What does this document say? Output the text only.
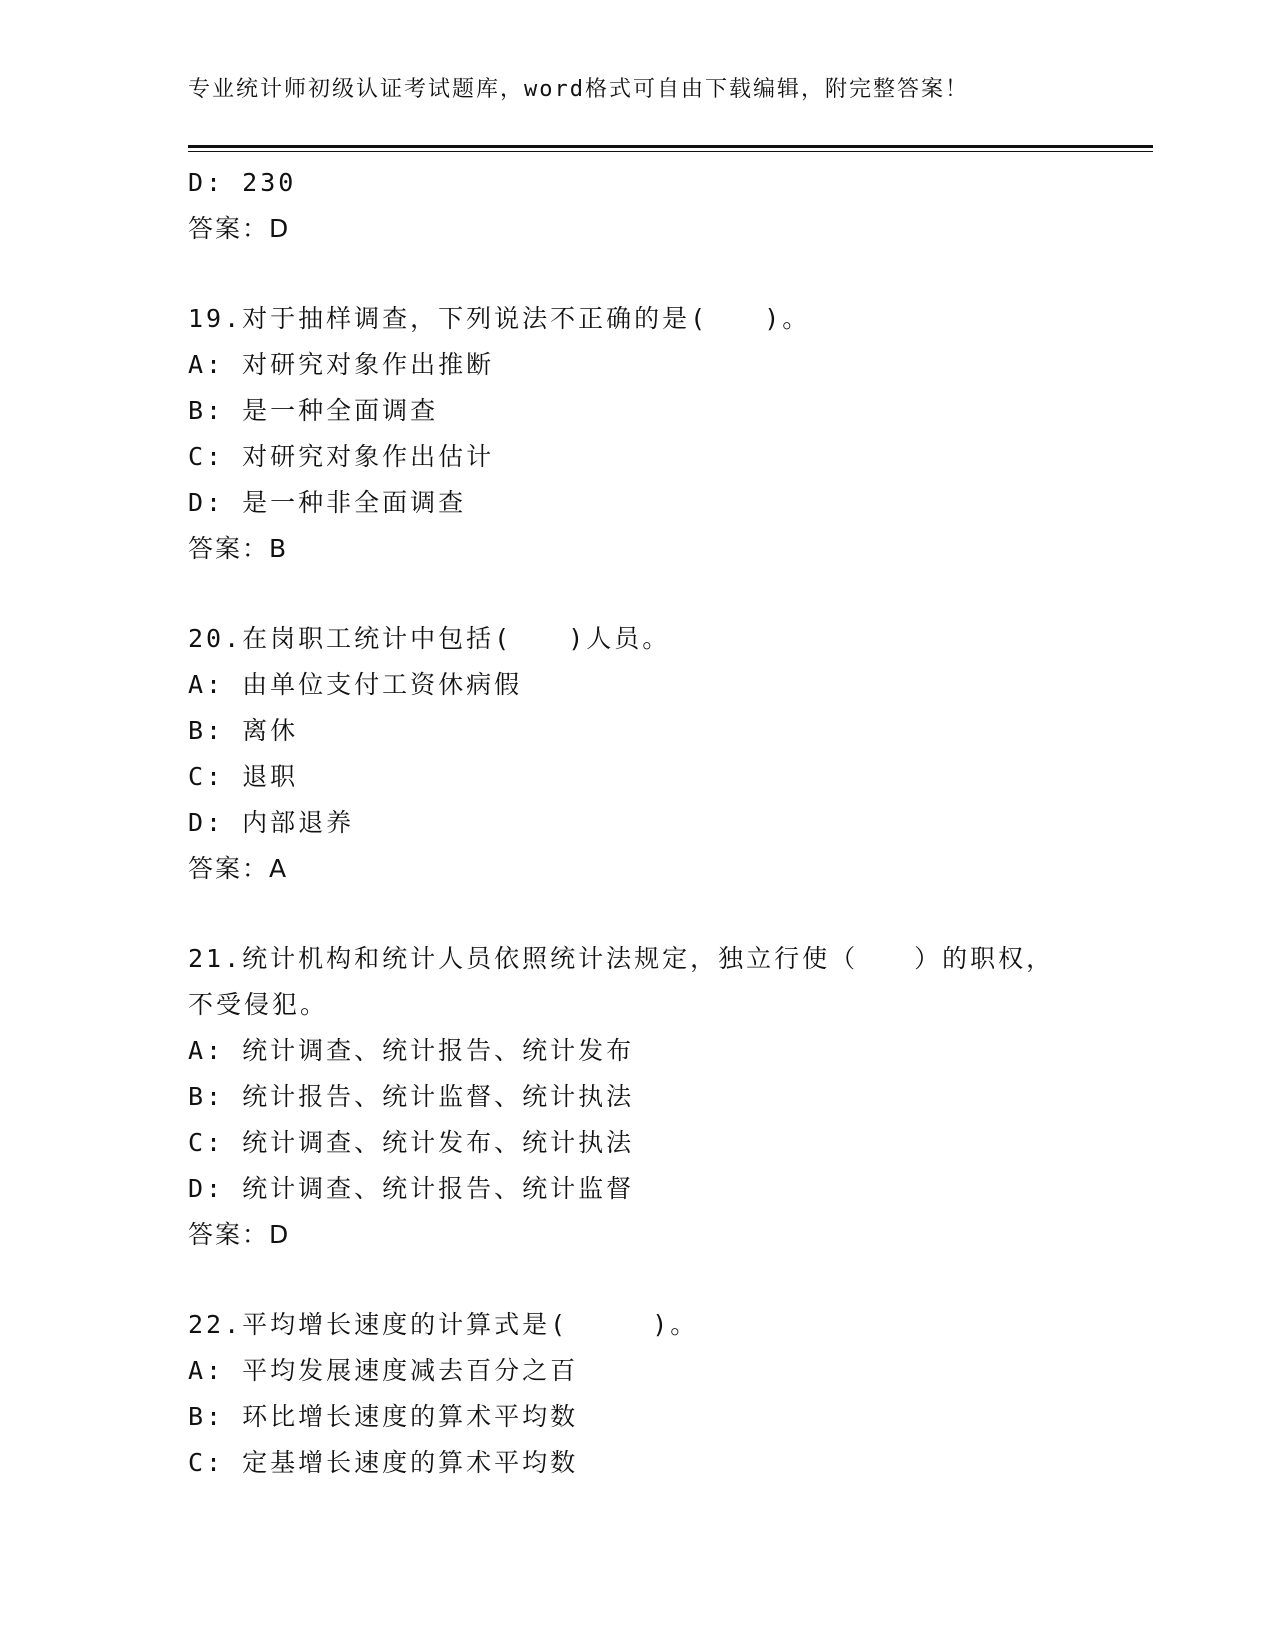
专业统计师初级认证考试题库，word格式可自由下载编辑，附完整答案！
D: 230
答案：D
19.对于抽样调查，下列说法不正确的是(　　)。
A: 对研究对象作出推断
B: 是一种全面调查
C: 对研究对象作出估计
D: 是一种非全面调查
答案：B
20.在岗职工统计中包括(　　)人员。
A: 由单位支付工资休病假
B: 离休
C: 退职
D: 内部退养
答案：A
21.统计机构和统计人员依照统计法规定，独立行使（　　）的职权，
不受侵犯。
A: 统计调查、统计报告、统计发布
B: 统计报告、统计监督、统计执法
C: 统计调查、统计发布、统计执法
D: 统计调查、统计报告、统计监督
答案：D
22.平均增长速度的计算式是(　　　)。
A: 平均发展速度减去百分之百
B: 环比增长速度的算术平均数
C: 定基增长速度的算术平均数
